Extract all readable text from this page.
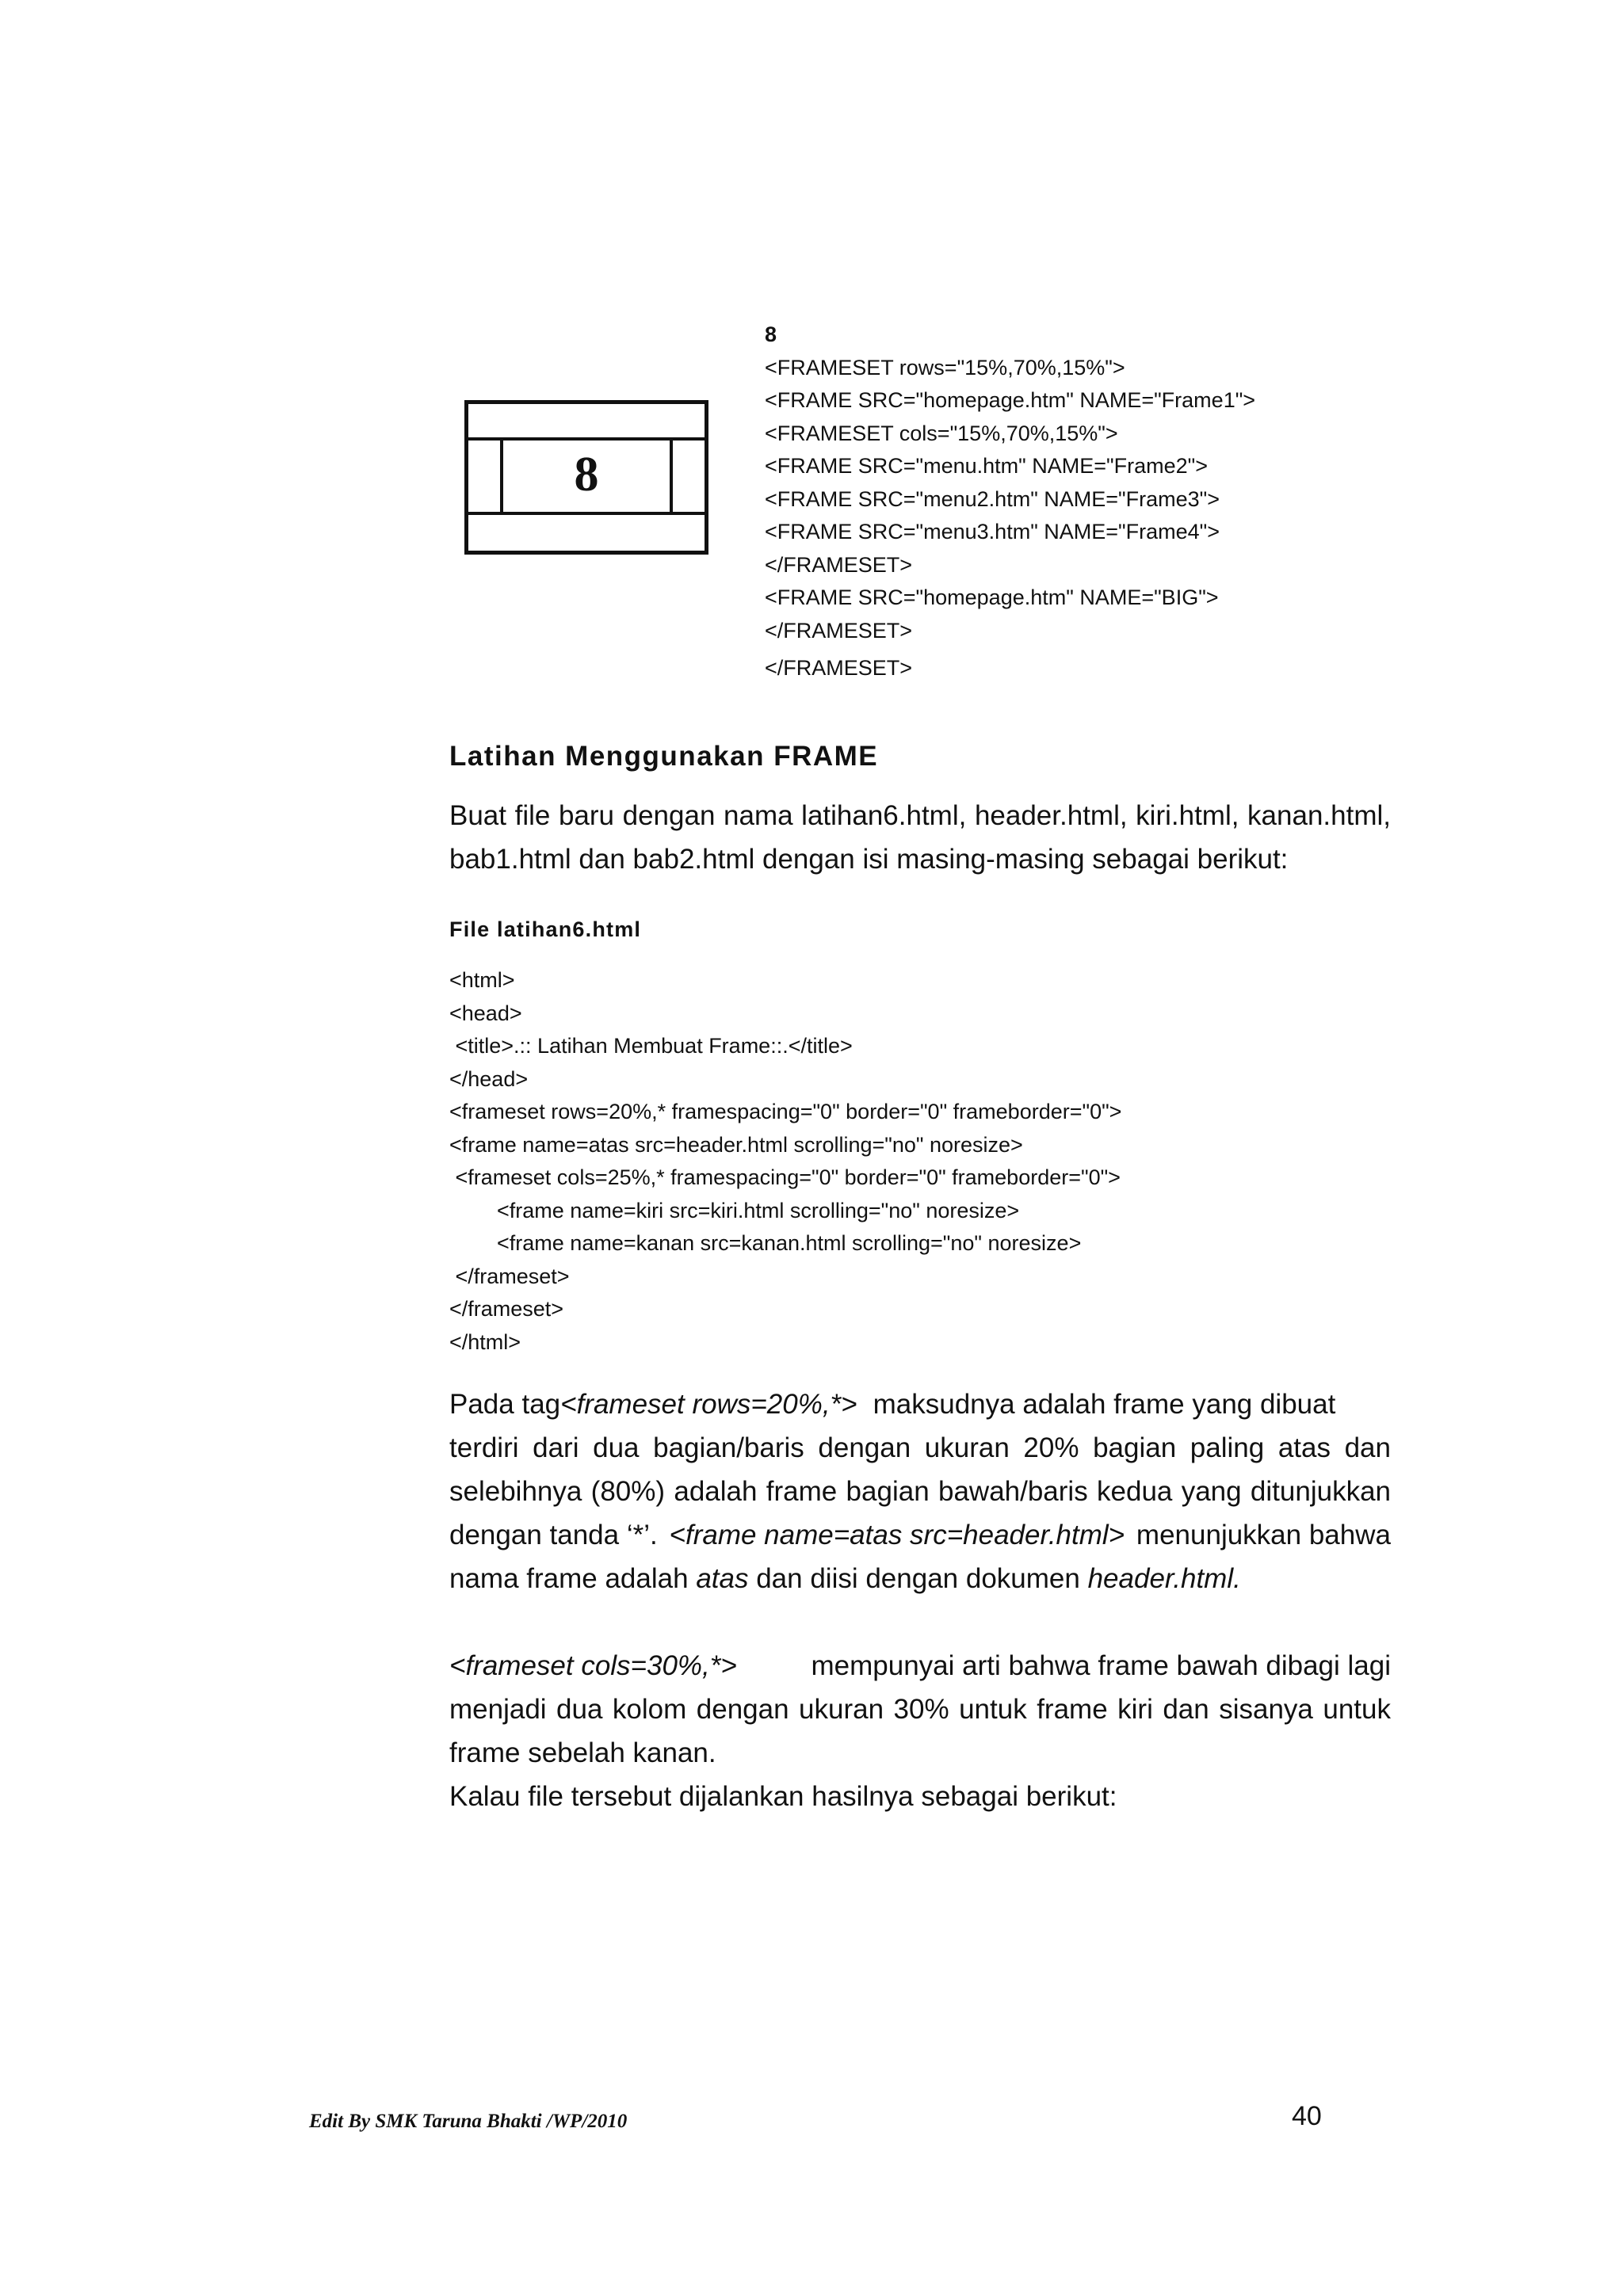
8
8
<FRAMESET rows="15%,70%,15%">
<FRAME SRC="homepage.htm" NAME="Frame1">
<FRAMESET cols="15%,70%,15%">
<FRAME SRC="menu.htm" NAME="Frame2">
<FRAME SRC="menu2.htm" NAME="Frame3">
<FRAME SRC="menu3.htm" NAME="Frame4">
</FRAMESET>
<FRAME SRC="homepage.htm" NAME="BIG">
</FRAMESET>
</FRAMESET>
Latihan Menggunakan FRAME
Buat file baru dengan nama latihan6.html, header.html, kiri.html, kanan.html,
bab1.html dan bab2.html dengan isi masing-masing sebagai berikut:
File latihan6.html
<html>
<head>
<title>.:: Latihan Membuat Frame::.</title>
</head>
<frameset rows=20%,* framespacing="0" border="0" frameborder="0">
<frame name=atas src=header.html scrolling="no" noresize>
<frameset cols=25%,* framespacing="0" border="0" frameborder="0">
<frame name=kiri src=kiri.html scrolling="no" noresize>
<frame name=kanan src=kanan.html scrolling="no" noresize>
</frameset>
</frameset>
</html>
Pada tag <frameset rows=20%,*> maksudnya adalah frame yang dibuat
terdiri dari dua bagian/baris dengan ukuran 20% bagian paling atas dan
selebihnya (80%) adalah frame bagian bawah/baris kedua yang ditunjukkan
dengan tanda ‘*’. <frame name=atas src=header.html> menunjukkan bahwa
nama frame adalah atas dan diisi dengan dokumen header.html.
<frameset cols=30%,*>	mempunyai arti bahwa frame bawah dibagi lagi
menjadi dua kolom dengan ukuran 30% untuk frame kiri dan sisanya untuk
frame sebelah kanan.
Kalau file tersebut dijalankan hasilnya sebagai berikut:
Edit By SMK Taruna Bhakti /WP/2010	40
